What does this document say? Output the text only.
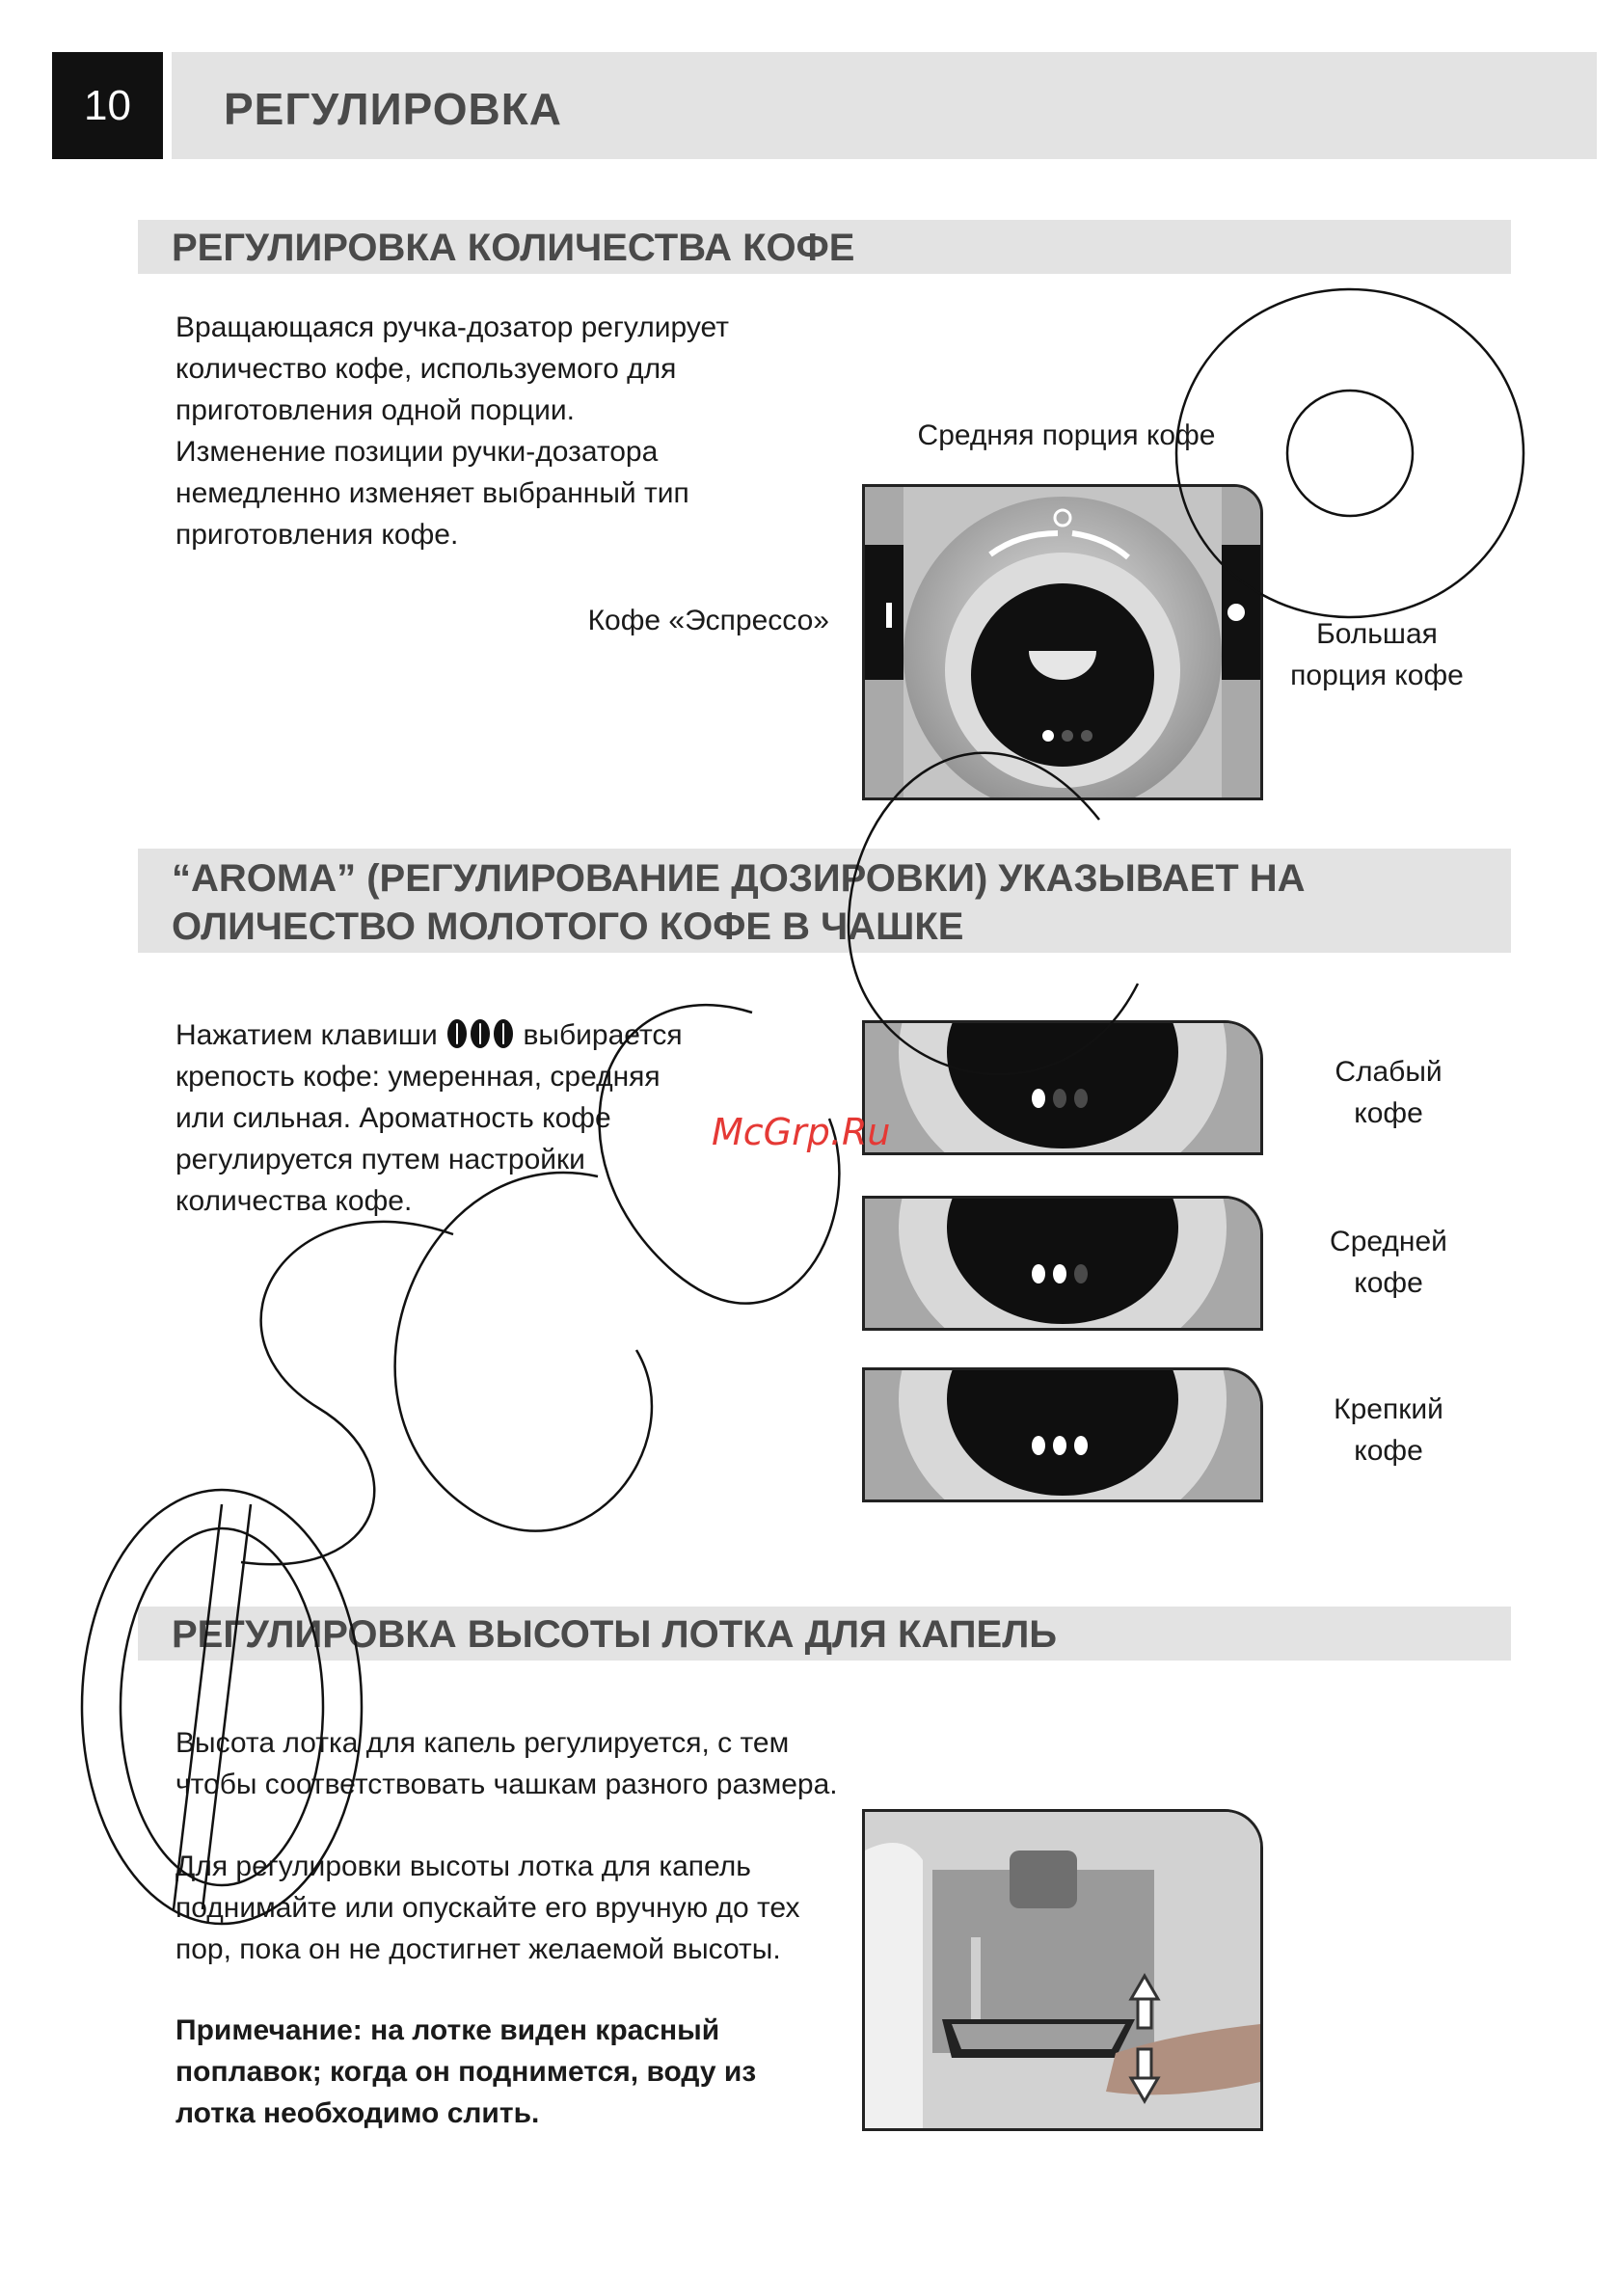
10	РЕГУЛИРОВКА
РЕГУЛИРОВКА КОЛИЧЕСТВА КОФЕ
Вращающаяся ручка-дозатор регулирует
количество кофе, используемого для
приготовления одной порции.
Изменение позиции ручки-дозатора
немедленно изменяет выбранный тип
приготовления кофе.
Средняя порция кофе
Кофе «Эспрессо»	Большая
порция кофе
“AROMA” (РЕГУЛИРОВАНИЕ ДОЗИРОВКИ) УКАЗЫВАЕТ НА
ОЛИЧЕСТВО МОЛОТОГО КОФЕ В ЧАШКЕ
Нажатием клавиши	выбирается
крепость кофе: умеренная, средняя
или сильная. Ароматность кофе
регулируется путем настройки
количества кофе.
Слабый
кофе
Средней
кофе
Крепкий
кофе
РЕГУЛИРОВКА ВЫСОТЫ ЛОТКА ДЛЯ КАПЕЛЬ
Высота лотка для капель регулируется, с тем
чтобы соответствовать чашкам разного размера.
Для регулировки высоты лотка для капель
поднимайте или опускайте его вручную до тех
пор, пока он не достигнет желаемой высоты.
Примечание: на лотке виден красный
поплавок; когда он поднимется, воду из
лотка необходимо слить.
McGrp.Ru
